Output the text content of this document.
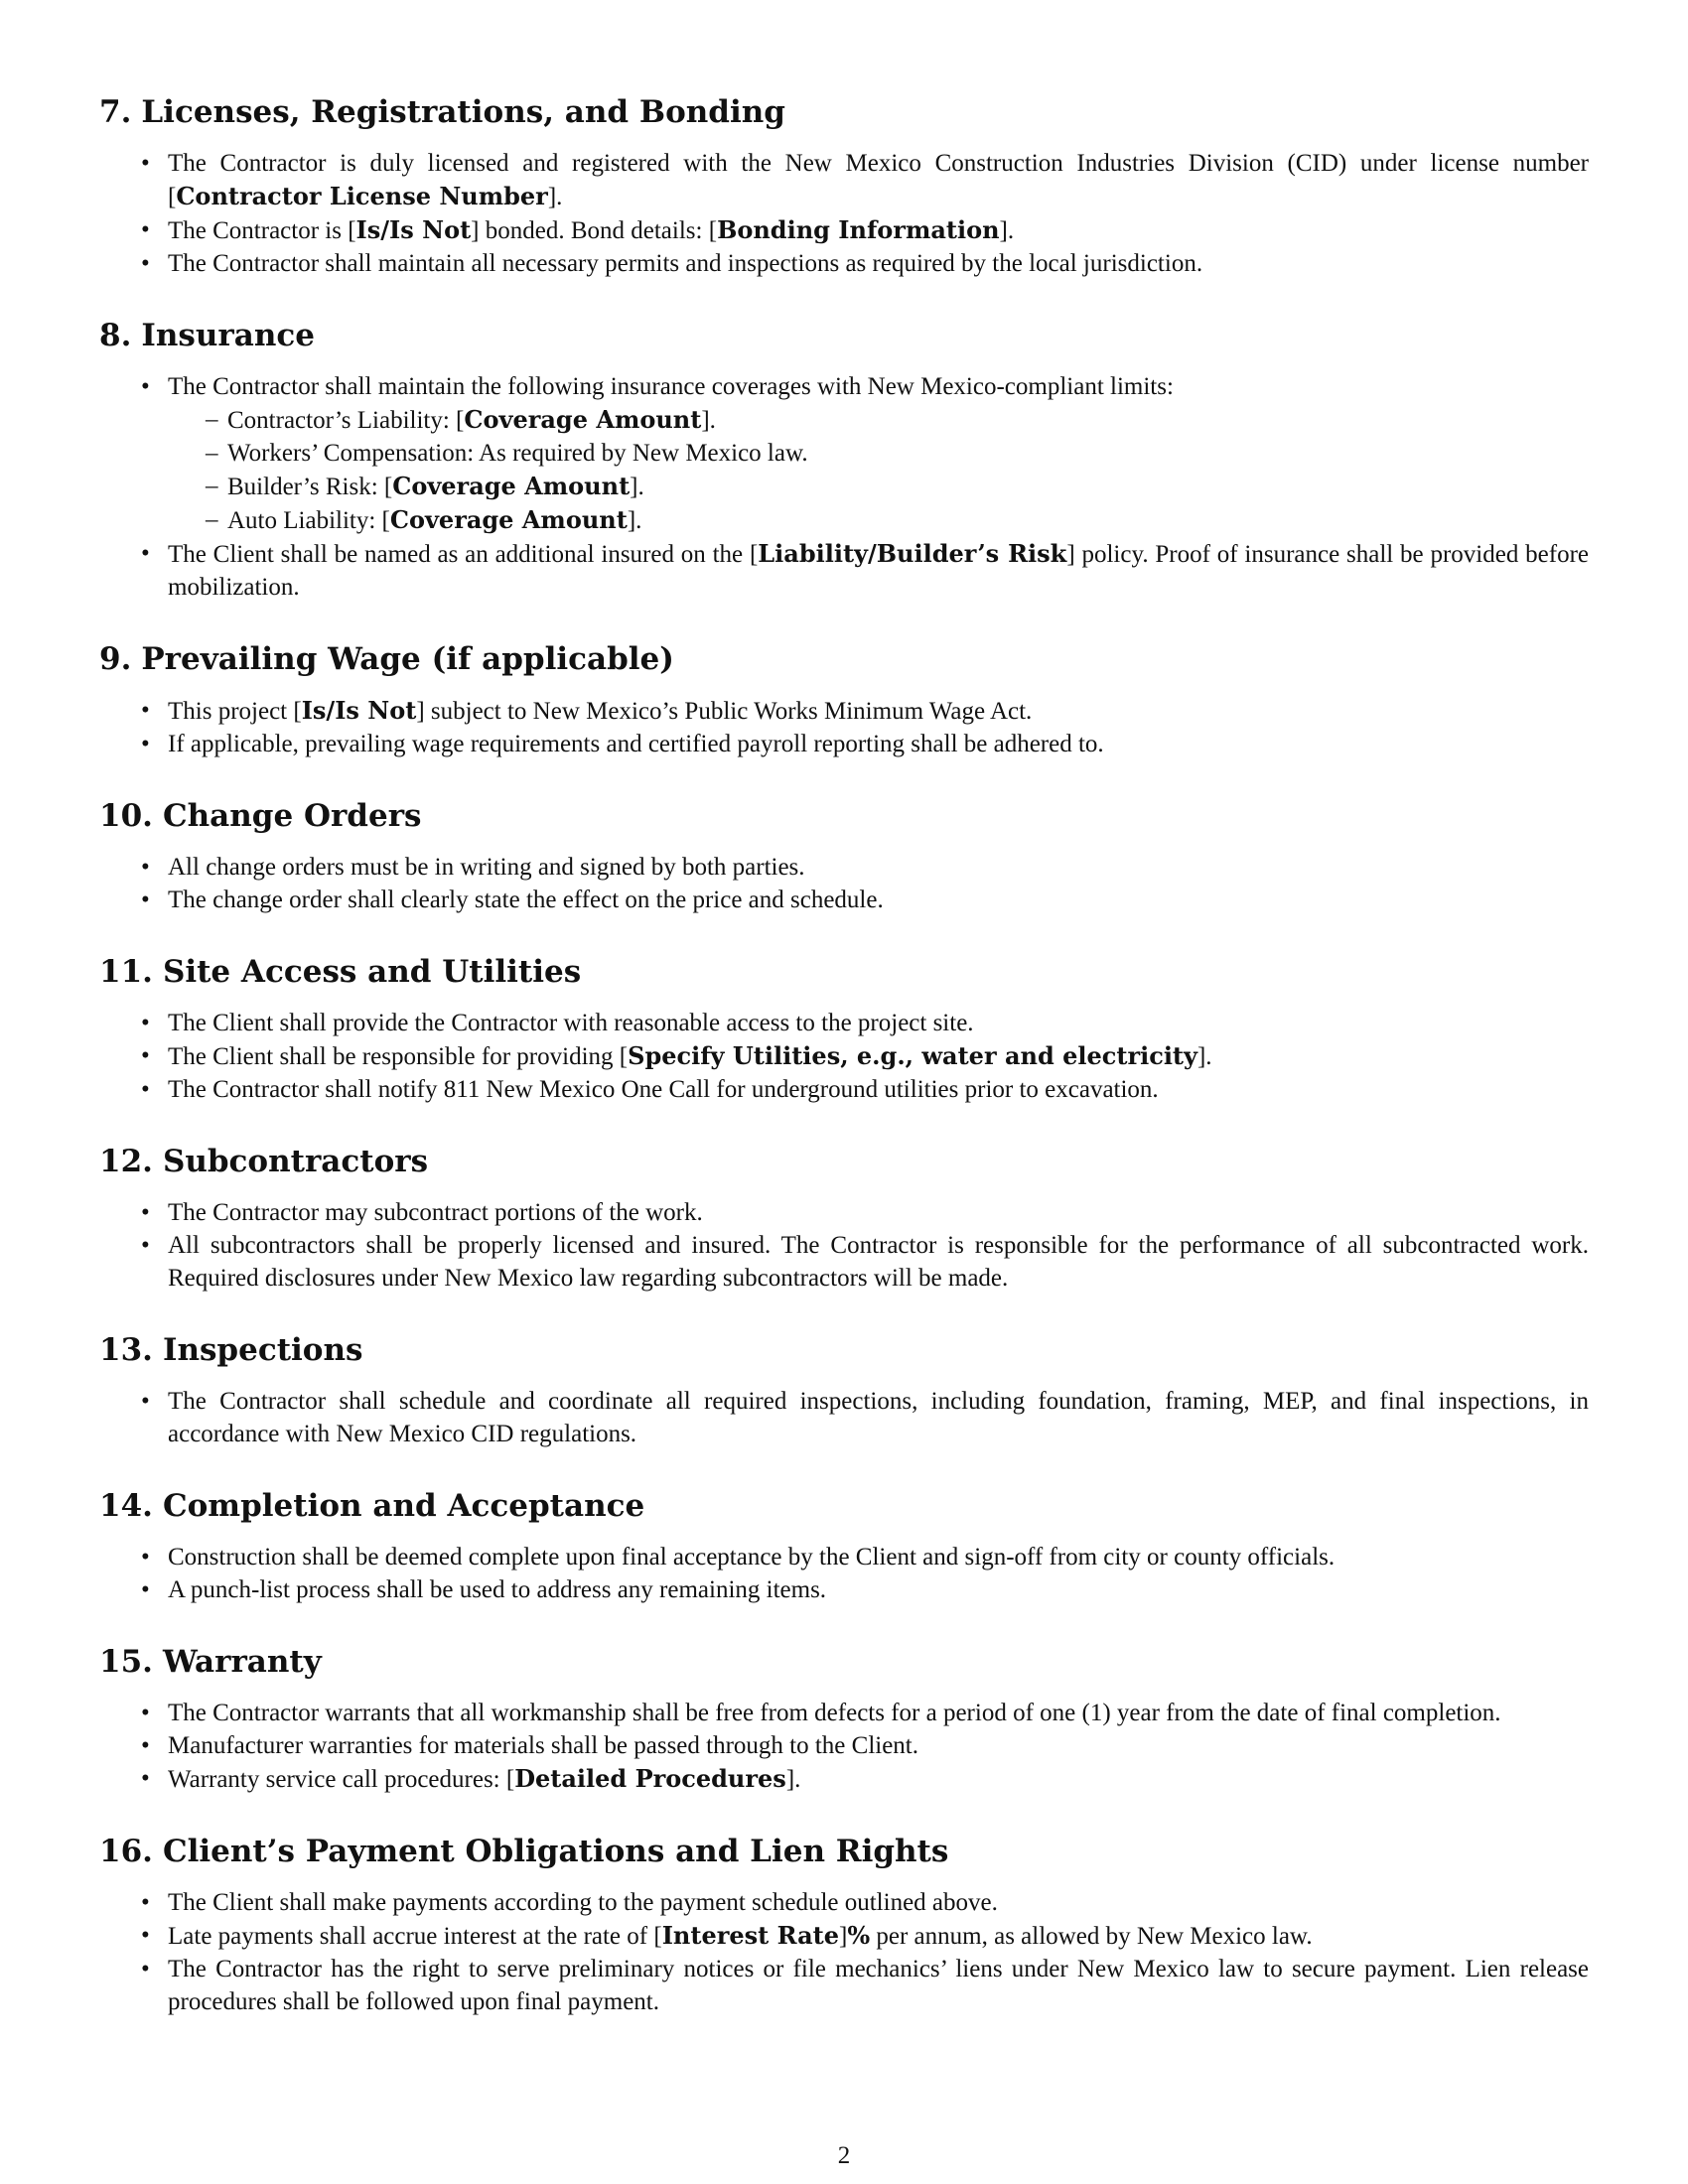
7. Licenses, Registrations, and Bonding
• The Contractor is duly licensed and registered with the New Mexico Construction Industries Division (CID) under license number [Contractor License Number].
• The Contractor is [Is/Is Not] bonded. Bond details: [Bonding Information].
• The Contractor shall maintain all necessary permits and inspections as required by the local jurisdiction.
8. Insurance
• The Contractor shall maintain the following insurance coverages with New Mexico-compliant limits:
– Contractor’s Liability: [Coverage Amount].
– Workers’ Compensation: As required by New Mexico law.
– Builder’s Risk: [Coverage Amount].
– Auto Liability: [Coverage Amount].
• The Client shall be named as an additional insured on the [Liability/Builder’s Risk] policy. Proof of insurance shall be provided before mobilization.
9. Prevailing Wage (if applicable)
• This project [Is/Is Not] subject to New Mexico’s Public Works Minimum Wage Act.
• If applicable, prevailing wage requirements and certified payroll reporting shall be adhered to.
10. Change Orders
• All change orders must be in writing and signed by both parties.
• The change order shall clearly state the effect on the price and schedule.
11. Site Access and Utilities
• The Client shall provide the Contractor with reasonable access to the project site.
• The Client shall be responsible for providing [Specify Utilities, e.g., water and electricity].
• The Contractor shall notify 811 New Mexico One Call for underground utilities prior to excavation.
12. Subcontractors
• The Contractor may subcontract portions of the work.
• All subcontractors shall be properly licensed and insured. The Contractor is responsible for the performance of all subcontracted work. Required disclosures under New Mexico law regarding subcontractors will be made.
13. Inspections
• The Contractor shall schedule and coordinate all required inspections, including foundation, framing, MEP, and final inspections, in accordance with New Mexico CID regulations.
14. Completion and Acceptance
• Construction shall be deemed complete upon final acceptance by the Client and sign-off from city or county officials.
• A punch-list process shall be used to address any remaining items.
15. Warranty
• The Contractor warrants that all workmanship shall be free from defects for a period of one (1) year from the date of final completion.
• Manufacturer warranties for materials shall be passed through to the Client.
• Warranty service call procedures: [Detailed Procedures].
16. Client’s Payment Obligations and Lien Rights
• The Client shall make payments according to the payment schedule outlined above.
• Late payments shall accrue interest at the rate of [Interest Rate]% per annum, as allowed by New Mexico law.
• The Contractor has the right to serve preliminary notices or file mechanics’ liens under New Mexico law to secure payment. Lien release procedures shall be followed upon final payment.
2
